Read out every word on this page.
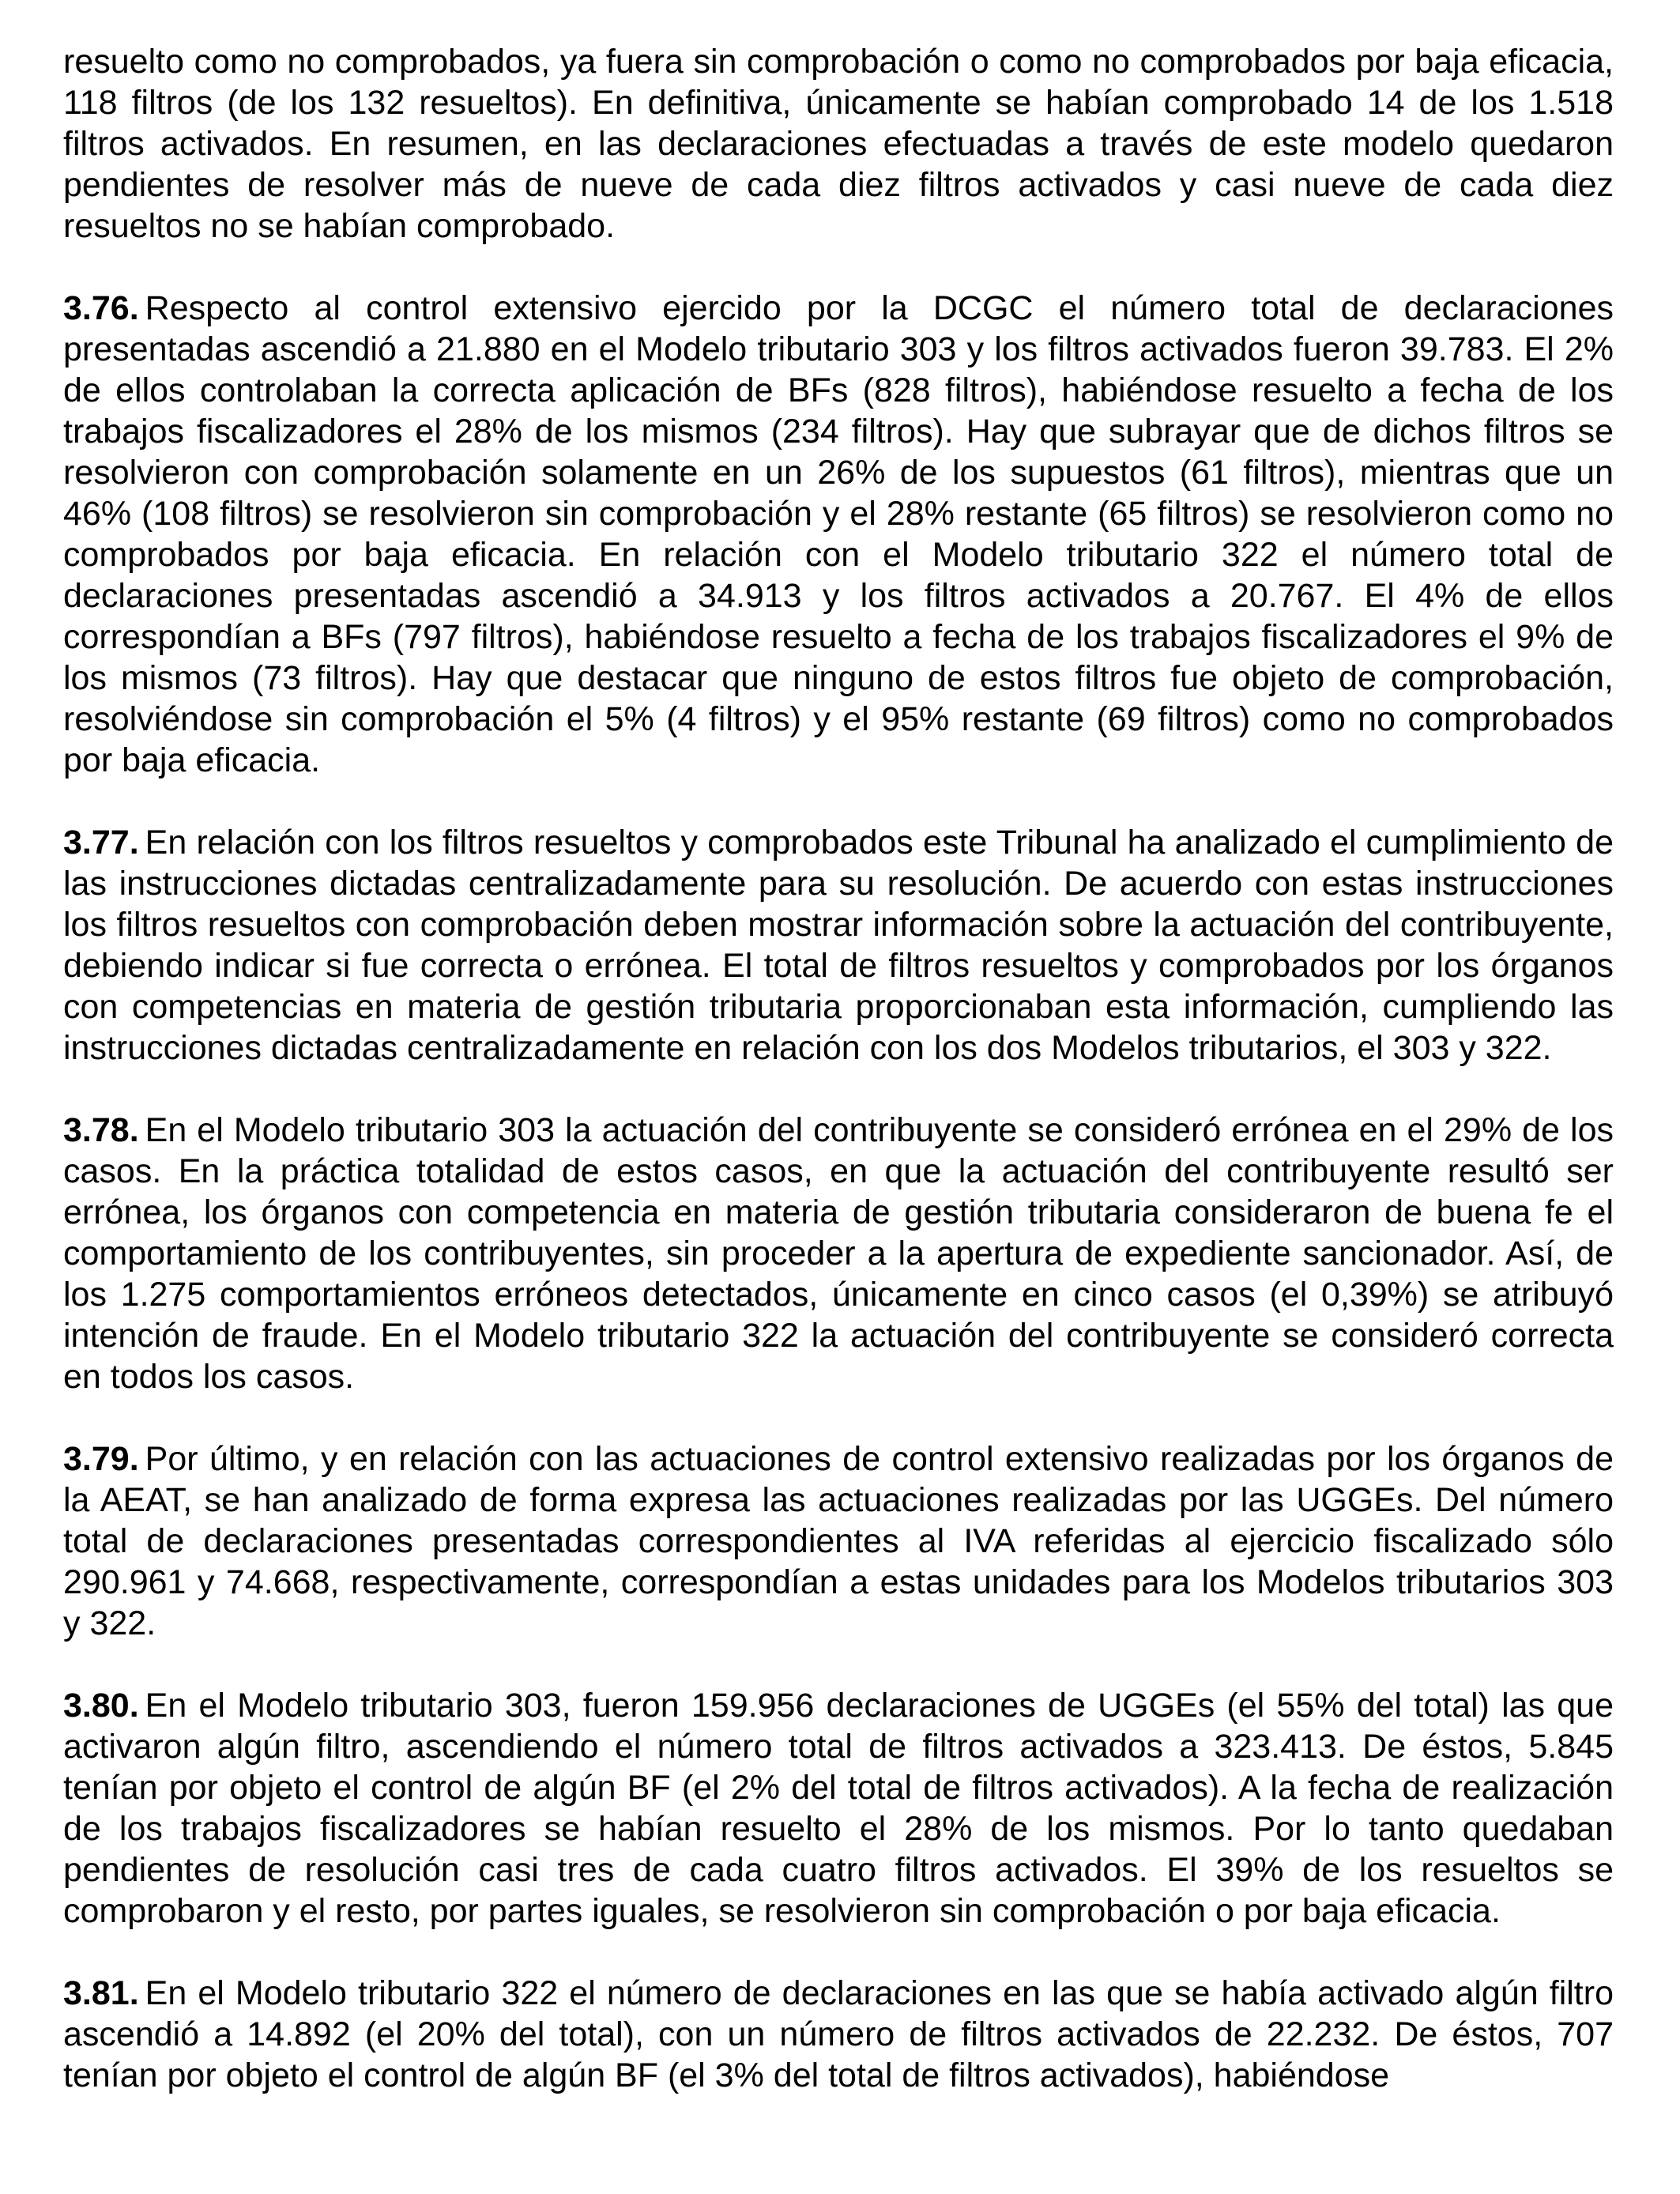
resuelto como no comprobados, ya fuera sin comprobación o como no comprobados por baja eficacia, 118 filtros (de los 132 resueltos). En definitiva, únicamente se habían comprobado 14 de los 1.518 filtros activados. En resumen, en las declaraciones efectuadas a través de este modelo quedaron pendientes de resolver más de nueve de cada diez filtros activados y casi nueve de cada diez resueltos no se habían comprobado.

3.76. Respecto al control extensivo ejercido por la DCGC el número total de declaraciones presentadas ascendió a 21.880 en el Modelo tributario 303 y los filtros activados fueron 39.783. El 2% de ellos controlaban la correcta aplicación de BFs (828 filtros), habiéndose resuelto a fecha de los trabajos fiscalizadores el 28% de los mismos (234 filtros). Hay que subrayar que de dichos filtros se resolvieron con comprobación solamente en un 26% de los supuestos (61 filtros), mientras que un 46% (108 filtros) se resolvieron sin comprobación y el 28% restante (65 filtros) se resolvieron como no comprobados por baja eficacia. En relación con el Modelo tributario 322 el número total de declaraciones presentadas ascendió a 34.913 y los filtros activados a 20.767. El 4% de ellos correspondían a BFs (797 filtros), habiéndose resuelto a fecha de los trabajos fiscalizadores el 9% de los mismos (73 filtros). Hay que destacar que ninguno de estos filtros fue objeto de comprobación, resolviéndose sin comprobación el 5% (4 filtros) y el 95% restante (69 filtros) como no comprobados por baja eficacia.

3.77. En relación con los filtros resueltos y comprobados este Tribunal ha analizado el cumplimiento de las instrucciones dictadas centralizadamente para su resolución. De acuerdo con estas instrucciones los filtros resueltos con comprobación deben mostrar información sobre la actuación del contribuyente, debiendo indicar si fue correcta o errónea. El total de filtros resueltos y comprobados por los órganos con competencias en materia de gestión tributaria proporcionaban esta información, cumpliendo las instrucciones dictadas centralizadamente en relación con los dos Modelos tributarios, el 303 y 322.

3.78. En el Modelo tributario 303 la actuación del contribuyente se consideró errónea en el 29% de los casos. En la práctica totalidad de estos casos, en que la actuación del contribuyente resultó ser errónea, los órganos con competencia en materia de gestión tributaria consideraron de buena fe el comportamiento de los contribuyentes, sin proceder a la apertura de expediente sancionador. Así, de los 1.275 comportamientos erróneos detectados, únicamente en cinco casos (el 0,39%) se atribuyó intención de fraude. En el Modelo tributario 322 la actuación del contribuyente se consideró correcta en todos los casos.

3.79. Por último, y en relación con las actuaciones de control extensivo realizadas por los órganos de la AEAT, se han analizado de forma expresa las actuaciones realizadas por las UGGEs. Del número total de declaraciones presentadas correspondientes al IVA referidas al ejercicio fiscalizado sólo 290.961 y 74.668, respectivamente, correspondían a estas unidades para los Modelos tributarios 303 y 322.

3.80. En el Modelo tributario 303, fueron 159.956 declaraciones de UGGEs (el 55% del total) las que activaron algún filtro, ascendiendo el número total de filtros activados a 323.413. De éstos, 5.845 tenían por objeto el control de algún BF (el 2% del total de filtros activados). A la fecha de realización de los trabajos fiscalizadores se habían resuelto el 28% de los mismos. Por lo tanto quedaban pendientes de resolución casi tres de cada cuatro filtros activados. El 39% de los resueltos se comprobaron y el resto, por partes iguales, se resolvieron sin comprobación o por baja eficacia.

3.81. En el Modelo tributario 322 el número de declaraciones en las que se había activado algún filtro ascendió a 14.892 (el 20% del total), con un número de filtros activados de 22.232. De éstos, 707 tenían por objeto el control de algún BF (el 3% del total de filtros activados), habiéndose
